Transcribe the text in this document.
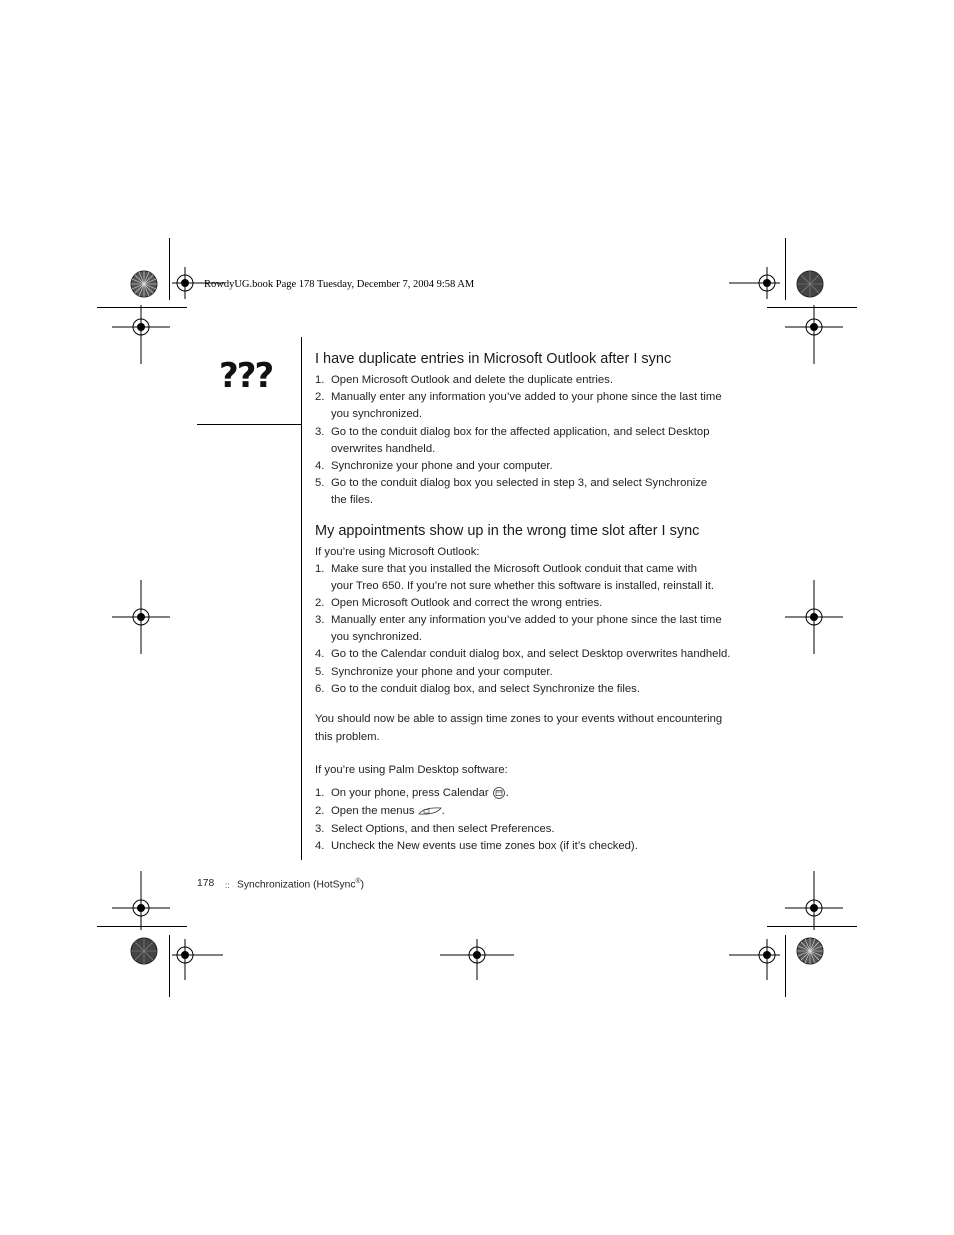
RowdyUG.book Page 178 Tuesday, December 7, 2004 9:58 AM
???	I have duplicate entries in Microsoft Outlook after I sync
1. Open Microsoft Outlook and delete the duplicate entries.
2. Manually enter any information you’ve added to your phone since the last time
you synchronized.
3. Go to the conduit dialog box for the affected application, and select Desktop
overwrites handheld.
4. Synchronize your phone and your computer.
5. Go to the conduit dialog box you selected in step 3, and select Synchronize
the files.
My appointments show up in the wrong time slot after I sync
If you’re using Microsoft Outlook:
1. Make sure that you installed the Microsoft Outlook conduit that came with
your Treo 650. If you’re not sure whether this software is installed, reinstall it.
2. Open Microsoft Outlook and correct the wrong entries.
3. Manually enter any information you’ve added to your phone since the last time
you synchronized.
4. Go to the Calendar conduit dialog box, and select Desktop overwrites handheld.
5. Synchronize your phone and your computer.
6. Go to the conduit dialog box, and select Synchronize the files.
You should now be able to assign time zones to your events without encountering
this problem.
If you’re using Palm Desktop software:
1. On your phone, press Calendar .
2. Open the menus .
3. Select Options, and then select Preferences.
4. Uncheck the New events use time zones box (if it’s checked).
178 :: Synchronization (HotSync®)
